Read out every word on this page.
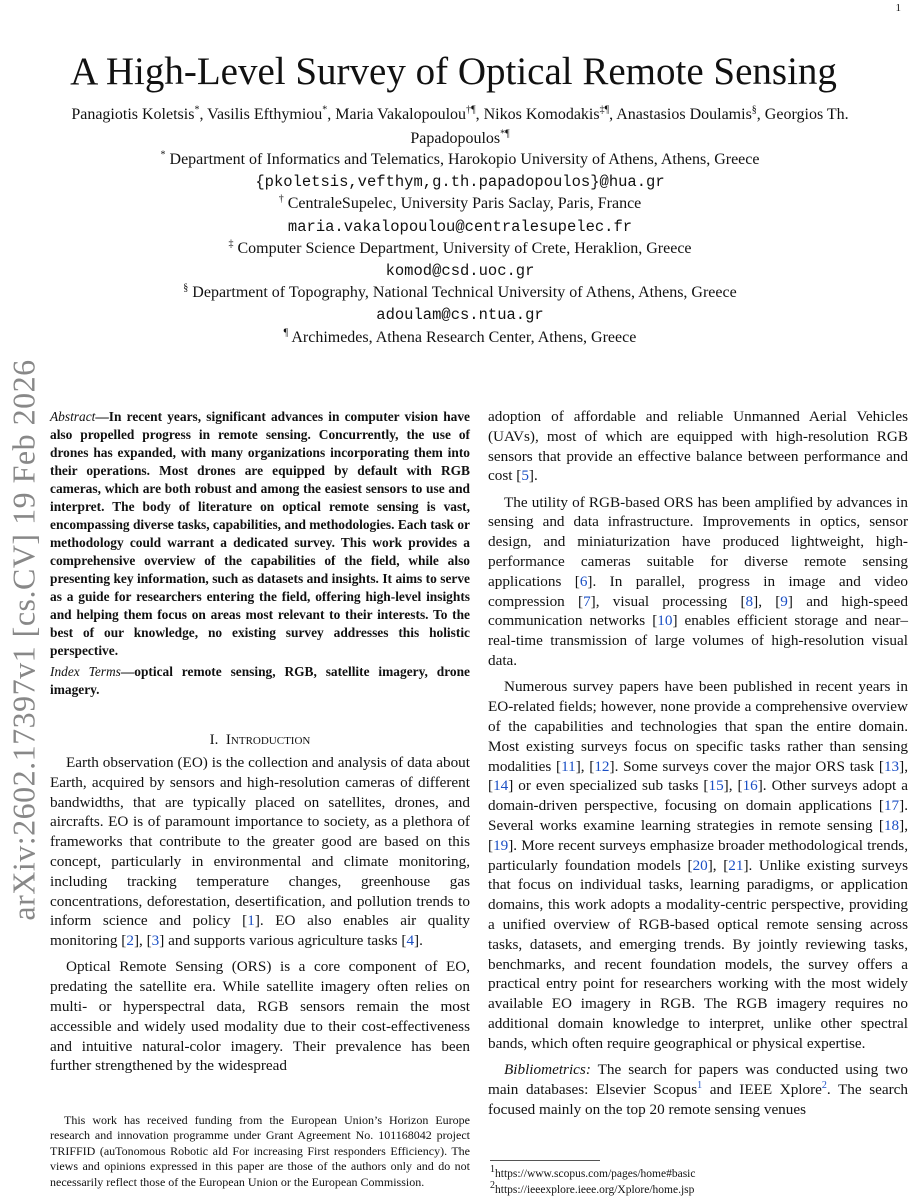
1
arXiv:2602.17397v1 [cs.CV] 19 Feb 2026
A High-Level Survey of Optical Remote Sensing
Panagiotis Koletsis*, Vasilis Efthymiou*, Maria Vakalopoulou†¶, Nikos Komodakis‡¶, Anastasios Doulamis§, Georgios Th. Papadopoulos*¶
* Department of Informatics and Telematics, Harokopio University of Athens, Athens, Greece
{pkoletsis,vefthym,g.th.papadopoulos}@hua.gr
† CentraleSupelec, University Paris Saclay, Paris, France
maria.vakalopoulou@centralesupelec.fr
‡ Computer Science Department, University of Crete, Heraklion, Greece
komod@csd.uoc.gr
§ Department of Topography, National Technical University of Athens, Athens, Greece
adoulam@cs.ntua.gr
¶ Archimedes, Athena Research Center, Athens, Greece
Abstract—In recent years, significant advances in computer vision have also propelled progress in remote sensing. Concurrently, the use of drones has expanded, with many organizations incorporating them into their operations. Most drones are equipped by default with RGB cameras, which are both robust and among the easiest sensors to use and interpret. The body of literature on optical remote sensing is vast, encompassing diverse tasks, capabilities, and methodologies. Each task or methodology could warrant a dedicated survey. This work provides a comprehensive overview of the capabilities of the field, while also presenting key information, such as datasets and insights. It aims to serve as a guide for researchers entering the field, offering high-level insights and helping them focus on areas most relevant to their interests. To the best of our knowledge, no existing survey addresses this holistic perspective.
Index Terms—optical remote sensing, RGB, satellite imagery, drone imagery.
I. Introduction

Earth observation (EO) is the collection and analysis of data about Earth, acquired by sensors and high-resolution cameras of different bandwidths, that are typically placed on satellites, drones, and aircrafts. EO is of paramount importance to society, as a plethora of frameworks that contribute to the greater good are based on this concept, particularly in environmental and climate monitoring, including tracking temperature changes, greenhouse gas concentrations, deforestation, desertification, and pollution trends to inform science and policy [1]. EO also enables air quality monitoring [2], [3] and supports various agriculture tasks [4].

Optical Remote Sensing (ORS) is a core component of EO, predating the satellite era. While satellite imagery often relies on multi- or hyperspectral data, RGB sensors remain the most accessible and widely used modality due to their cost-effectiveness and intuitive natural-color imagery. Their prevalence has been further strengthened by the widespread

adoption of affordable and reliable Unmanned Aerial Vehicles (UAVs), most of which are equipped with high-resolution RGB sensors that provide an effective balance between performance and cost [5].

The utility of RGB-based ORS has been amplified by advances in sensing and data infrastructure. Improvements in optics, sensor design, and miniaturization have produced lightweight, high-performance cameras suitable for diverse remote sensing applications [6]. In parallel, progress in image and video compression [7], visual processing [8], [9] and high-speed communication networks [10] enables efficient storage and near–real-time transmission of large volumes of high-resolution visual data.

Numerous survey papers have been published in recent years in EO-related fields; however, none provide a comprehensive overview of the capabilities and technologies that span the entire domain. Most existing surveys focus on specific tasks rather than sensing modalities [11], [12]. Some surveys cover the major ORS task [13], [14] or even specialized sub tasks [15], [16]. Other surveys adopt a domain-driven perspective, focusing on domain applications [17]. Several works examine learning strategies in remote sensing [18], [19]. More recent surveys emphasize broader methodological trends, particularly foundation models [20], [21]. Unlike existing surveys that focus on individual tasks, learning paradigms, or application domains, this work adopts a modality-centric perspective, providing a unified overview of RGB-based optical remote sensing across tasks, datasets, and emerging trends. By jointly reviewing tasks, benchmarks, and recent foundation models, the survey offers a practical entry point for researchers working with the most widely available EO imagery in RGB. The RGB imagery requires no additional domain knowledge to interpret, unlike other spectral bands, which often require geographical or physical expertise.

Bibliometrics: The search for papers was conducted using two main databases: Elsevier Scopus$^1$ and IEEE Xplore$^2$. The search focused mainly on the top 20 remote sensing venues

This work has received funding from the European Union’s Horizon Europe research and innovation programme under Grant Agreement No. 101168042 project TRIFFID (auTonomous Robotic aId For increasing First responders Efficiency). The views and opinions expressed in this paper are those of the authors only and do not necessarily reflect those of the European Union or the European Commission.
$^1$https://www.scopus.com/pages/home#basic
$^2$https://ieeexplore.ieee.org/Xplore/home.jsp
